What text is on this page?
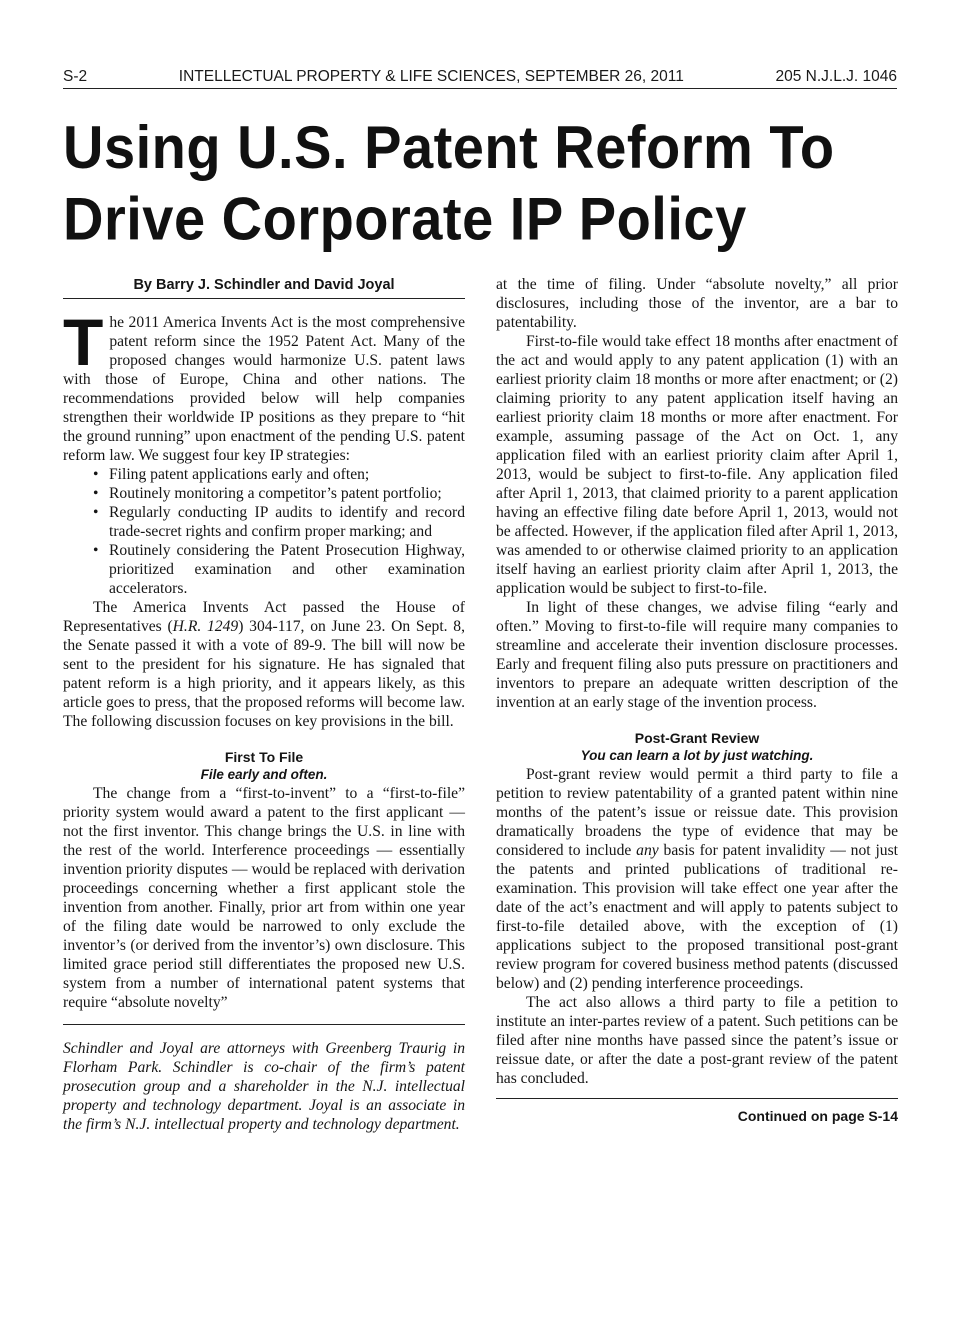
S-2	INTELLECTUAL PROPERTY & LIFE SCIENCES, SEPTEMBER 26, 2011	205 N.J.L.J. 1046
Using U.S. Patent Reform To
Drive Corporate IP Policy
By Barry J. Schindler and David Joyal

The 2011 America Invents Act is the most comprehensive patent reform since the 1952 Patent Act. Many of the proposed changes would harmonize U.S. patent laws with those of Europe, China and other nations. The recommendations provided below will help companies strengthen their worldwide IP positions as they prepare to “hit the ground running” upon enactment of the pending U.S. patent reform law. We suggest four key IP strategies:

• Filing patent applications early and often;
• Routinely monitoring a competitor’s patent portfolio;
• Regularly conducting IP audits to identify and record trade-secret rights and confirm proper marking; and
• Routinely considering the Patent Prosecution Highway, prioritized examination and other examination accelerators.

The America Invents Act passed the House of Representatives (H.R. 1249) 304-117, on June 23. On Sept. 8, the Senate passed it with a vote of 89-9. The bill will now be sent to the president for his signature. He has signaled that patent reform is a high priority, and it appears likely, as this article goes to press, that the proposed reforms will become law. The following discussion focuses on key provisions in the bill.

First To File
File early and often.

The change from a “first-to-invent” to a “first-to-file” priority system would award a patent to the first applicant — not the first inventor. This change brings the U.S. in line with the rest of the world. Interference proceedings — essentially invention priority disputes — would be replaced with derivation proceedings concerning whether a first applicant stole the invention from another. Finally, prior art from within one year of the filing date would be narrowed to only exclude the inventor’s (or derived from the inventor’s) own disclosure. This limited grace period still differentiates the proposed new U.S. system from a number of international patent systems that require “absolute novelty”

Schindler and Joyal are attorneys with Greenberg Traurig in Florham Park. Schindler is co-chair of the firm’s patent prosecution group and a shareholder in the N.J. intellectual property and technology department. Joyal is an associate in the firm’s N.J. intellectual property and technology department.

at the time of filing. Under “absolute novelty,” all prior disclosures, including those of the inventor, are a bar to patentability.

First-to-file would take effect 18 months after enactment of the act and would apply to any patent application (1) with an earliest priority claim 18 months or more after enactment; or (2) claiming priority to any patent application itself having an earliest priority claim 18 months or more after enactment. For example, assuming passage of the Act on Oct. 1, any application filed with an earliest priority claim after April 1, 2013, would be subject to first-to-file. Any application filed after April 1, 2013, that claimed priority to a parent application having an effective filing date before April 1, 2013, would not be affected. However, if the application filed after April 1, 2013, was amended to or otherwise claimed priority to an application itself having an earliest priority claim after April 1, 2013, the application would be subject to first-to-file.

In light of these changes, we advise filing “early and often.” Moving to first-to-file will require many companies to streamline and accelerate their invention disclosure processes. Early and frequent filing also puts pressure on practitioners and inventors to prepare an adequate written description of the invention at an early stage of the invention process.

Post-Grant Review
You can learn a lot by just watching.

Post-grant review would permit a third party to file a petition to review patentability of a granted patent within nine months of the patent’s issue or reissue date. This provision dramatically broadens the type of evidence that may be considered to include any basis for patent invalidity — not just the patents and printed publications of traditional re-examination. This provision will take effect one year after the date of the act’s enactment and will apply to patents subject to first-to-file detailed above, with the exception of (1) applications subject to the proposed transitional post-grant review program for covered business method patents (discussed below) and (2) pending interference proceedings.

The act also allows a third party to file a petition to institute an inter-partes review of a patent. Such petitions can be filed after nine months have passed since the patent’s issue or reissue date, or after the date a post-grant review of the patent has concluded.

Continued on page S-14
